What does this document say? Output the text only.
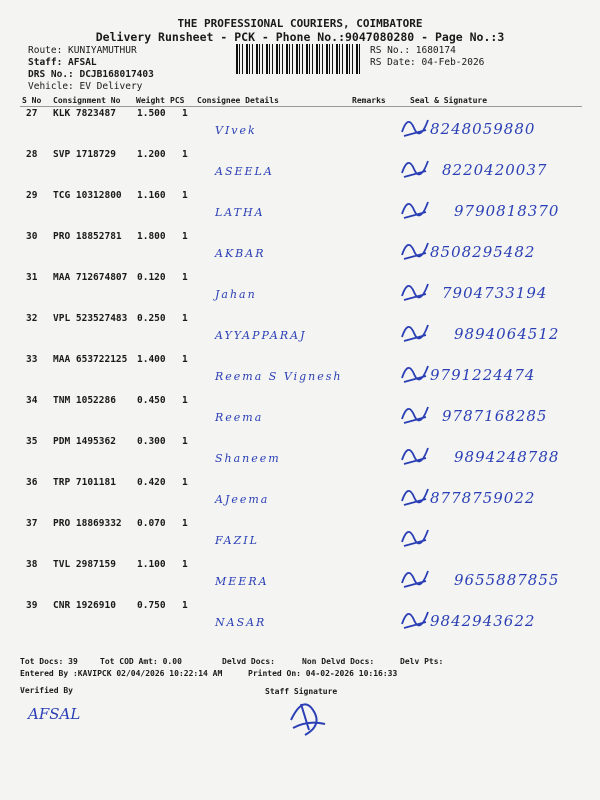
THE PROFESSIONAL COURIERS, COIMBATORE
Delivery Runsheet - PCK - Phone No.:9047080280 - Page No.:3
Route: KUNIYAMUTHUR
Staff: AFSAL
DRS No.: DCJB168017403
Vehicle: EV Delivery
RS No.: 1680174
RS Date: 04-Feb-2026
S No Consignment No Weight PCS Consignee Details	Remarks	Seal & Signature
27 KLK 7823487 1.500 1
VIvek	8248059880
28 SVP 1718729 1.200 1
ASEELA	8220420037
29 TCG 10312800 1.160 1
LATHA	9790818370
30 PRO 18852781 1.800 1
AKBAR	8508295482
31 MAA 712674807 0.120 1
Jahan	7904733194
32 VPL 523527483 0.250 1
AYYAPPARAJ	9894064512
33 MAA 653722125 1.400 1
Reema S Vignesh	9791224474
34 TNM 1052286 0.450 1
Reema	9787168285
35 PDM 1495362 0.300 1
Shaneem	9894248788
36 TRP 7101181 0.420 1
AJeema	8778759022
37 PRO 18869332 0.070 1
FAZIL
38 TVL 2987159 1.100 1
MEERA	9655887855
39 CNR 1926910 0.750 1
NASAR	9842943622
Tot Docs: 39	Tot COD Amt: 0.00	Delvd Docs:	Non Delvd Docs:	Delv Pts:
Entered By :KAVIPCK 02/04/2026 10:22:14 AM	Printed On: 04-02-2026 10:16:33
Verified By	Staff Signature
AFSAL
